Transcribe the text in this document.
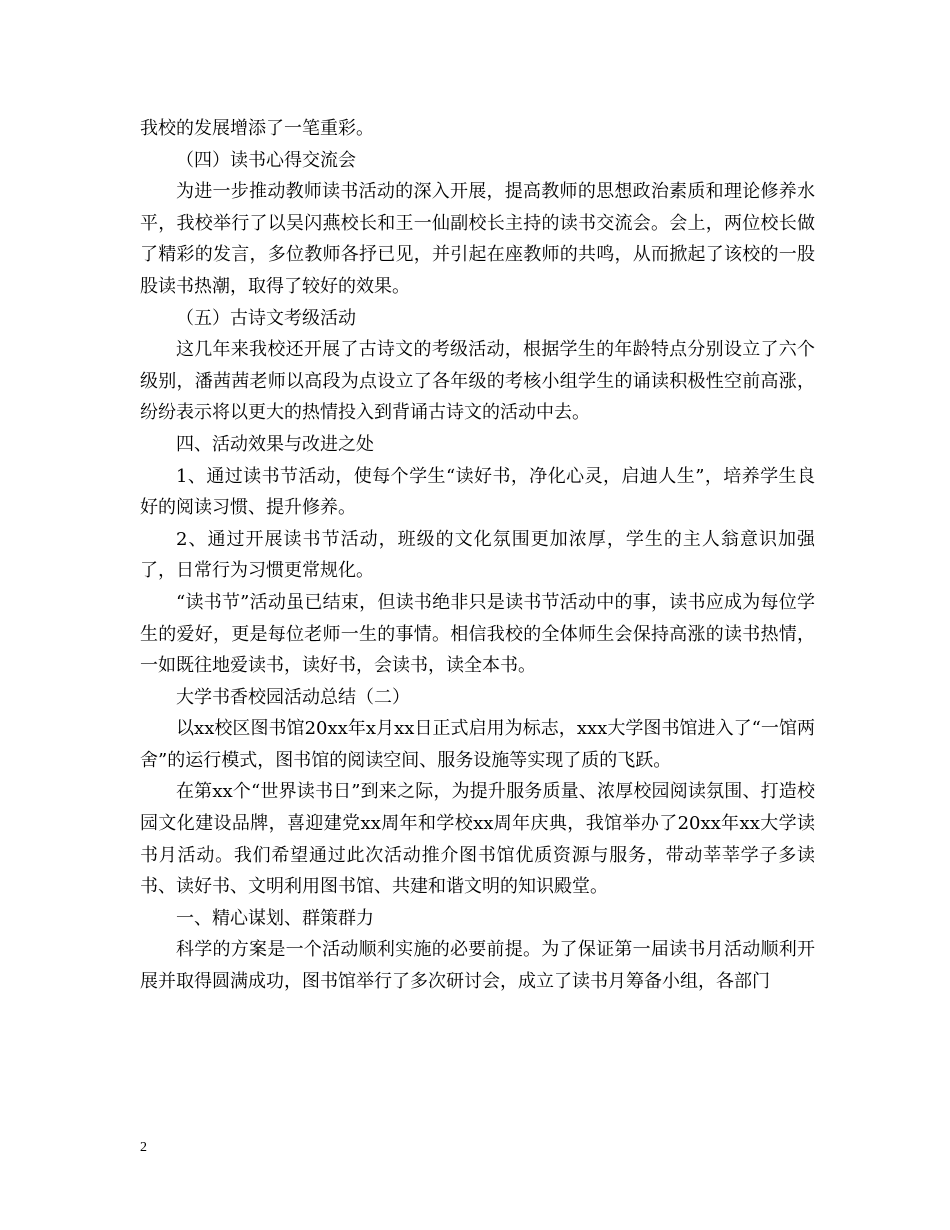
我校的发展增添了一笔重彩。

（四）读书心得交流会

为进一步推动教师读书活动的深入开展，提高教师的思想政治素质和理论修养水平，我校举行了以吴闪燕校长和王一仙副校长主持的读书交流会。会上，两位校长做了精彩的发言，多位教师各抒已见，并引起在座教师的共鸣，从而掀起了该校的一股股读书热潮，取得了较好的效果。

（五）古诗文考级活动

这几年来我校还开展了古诗文的考级活动，根据学生的年龄特点分别设立了六个级别，潘茜茜老师以高段为点设立了各年级的考核小组学生的诵读积极性空前高涨，纷纷表示将以更大的热情投入到背诵古诗文的活动中去。

四、活动效果与改进之处

1、通过读书节活动，使每个学生“读好书，净化心灵，启迪人生”，培养学生良好的阅读习惯、提升修养。

2、通过开展读书节活动，班级的文化氛围更加浓厚，学生的主人翁意识加强了，日常行为习惯更常规化。

“读书节”活动虽已结束，但读书绝非只是读书节活动中的事，读书应成为每位学生的爱好，更是每位老师一生的事情。相信我校的全体师生会保持高涨的读书热情，一如既往地爱读书，读好书，会读书，读全本书。

大学书香校园活动总结（二）

以xx校区图书馆20xx年x月xx日正式启用为标志，xxx大学图书馆进入了“一馆两舍”的运行模式，图书馆的阅读空间、服务设施等实现了质的飞跃。

在第xx个“世界读书日”到来之际，为提升服务质量、浓厚校园阅读氛围、打造校园文化建设品牌，喜迎建党xx周年和学校xx周年庆典，我馆举办了20xx年xx大学读书月活动。我们希望通过此次活动推介图书馆优质资源与服务，带动莘莘学子多读书、读好书、文明利用图书馆、共建和谐文明的知识殿堂。

一、精心谋划、群策群力

科学的方案是一个活动顺利实施的必要前提。为了保证第一届读书月活动顺利开展并取得圆满成功，图书馆举行了多次研讨会，成立了读书月筹备小组，各部门

2
